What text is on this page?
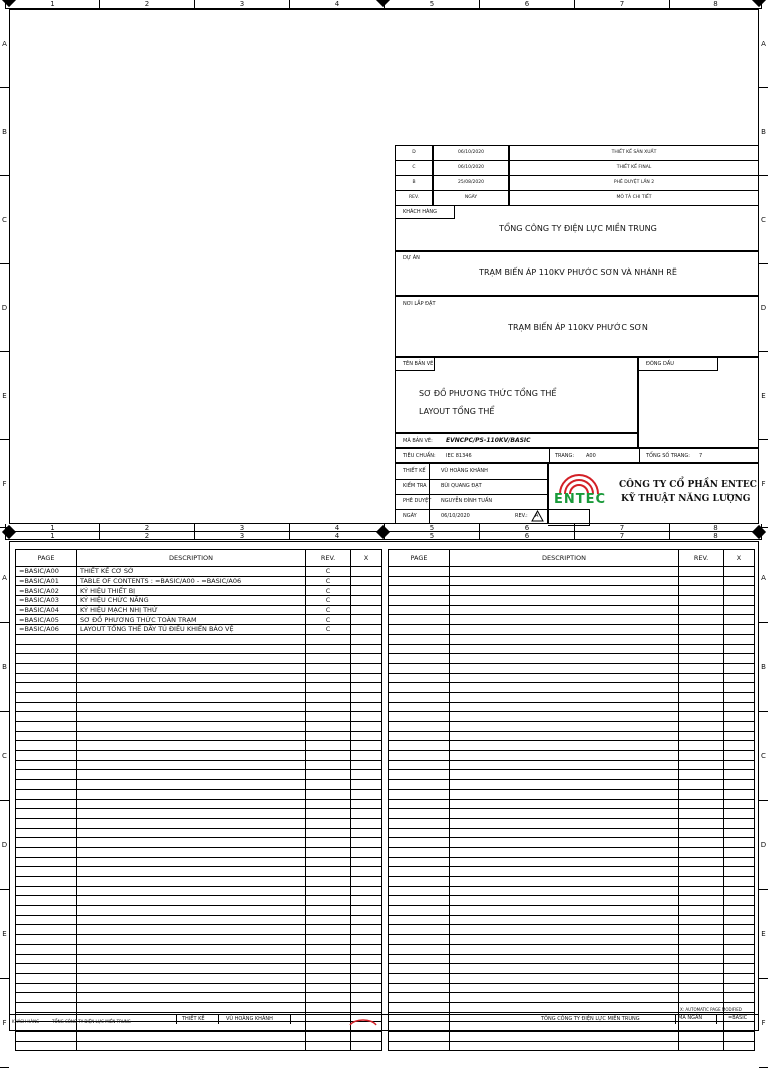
1	2	3	4	5	6	7	8
A
B
C
D
E
F
A
B
C
D
E
F
D	06/10/2020	THIẾT KẾ SẢN XUẤT
C	06/10/2020	THIẾT KẾ FINAL
B	25/08/2020	PHÊ DUYỆT LẦN 2
REV.	NGÀY	MÔ TẢ CHI TIẾT
KHÁCH HÀNG
TỔNG CÔNG TY ĐIỆN LỰC MIỀN TRUNG
DỰ ÁN
TRẠM BIẾN ÁP 110KV PHƯỚC SƠN VÀ NHÁNH RẼ
NƠI LẮP ĐẶT
TRẠM BIẾN ÁP 110KV PHƯỚC SƠN
TÊN BẢN VẼ
SƠ ĐỒ PHƯƠNG THỨC TỔNG THỂ
LAYOUT TỔNG THỂ
ĐÓNG DẤU
MÃ BẢN VẼ: EVNCPC/PS-110KV/BASIC
TIÊU CHUẨN: IEC 81346	TRANG: A00	TỔNG SỐ TRANG: 7
THIẾT KẾ	VŨ HOÀNG KHÁNH
KIỂM TRA	BÙI QUANG ĐẠT
PHÊ DUYỆT NGUYỄN ĐÌNH TUẤN
NGÀY	06/10/2020	REV.: A
ENTEC
CÔNG TY CỔ PHẦN ENTEC
KỸ THUẬT NĂNG LƯỢNG
1	2	3	4	5	6	7	8
1	2	3	4	5	6	7	8
A
B
C
D
E
F
A
B
C
D
E
F
PAGE	DESCRIPTION	REV.	X
=BASIC/A00	THIẾT KẾ CƠ SỞ	C	
=BASIC/A01	TABLE OF CONTENTS : =BASIC/A00 - =BASIC/A06	C	
=BASIC/A02	KÝ HIỆU THIẾT BỊ	C	
=BASIC/A03	KÝ HIỆU CHỨC NĂNG	C	
=BASIC/A04	KÝ HIỆU MẠCH NHỊ THỨ	C	
=BASIC/A05	SƠ ĐỒ PHƯƠNG THỨC TOÀN TRẠM	C	
=BASIC/A06	LAYOUT TỔNG THỂ DÃY TỦ ĐIỀU KHIỂN BẢO VỆ	C	

PAGE	DESCRIPTION	REV.	X

X: AUTOMATIC PAGE MODIFIED
KHÁCH HÀNG	TỔNG CÔNG TY ĐIỆN LỰC MIỀN TRUNG	THIẾT KẾ	VŨ HOÀNG KHÁNH	TỔNG CÔNG TY ĐIỆN LỰC MIỀN TRUNG	MÃ NGẮN	=BASIC
